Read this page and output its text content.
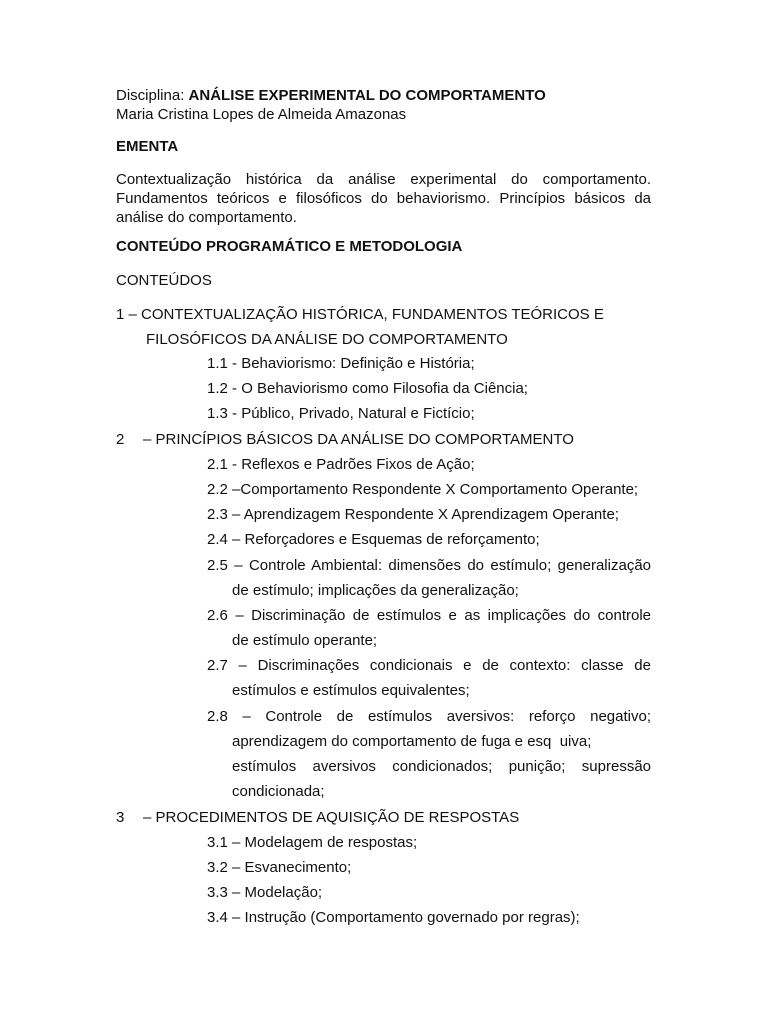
Disciplina: ANÁLISE EXPERIMENTAL DO COMPORTAMENTO
Maria Cristina Lopes de Almeida Amazonas
EMENTA
Contextualização histórica da análise experimental do comportamento. Fundamentos teóricos e filosóficos do behaviorismo. Princípios básicos da análise do comportamento.
CONTEÚDO PROGRAMÁTICO E METODOLOGIA
CONTEÚDOS
1 – CONTEXTUALIZAÇÃO HISTÓRICA, FUNDAMENTOS TEÓRICOS E
FILOSÓFICOS DA ANÁLISE DO COMPORTAMENTO
1.1 - Behaviorismo: Definição e História;
1.2 - O Behaviorismo como Filosofia da Ciência;
1.3 - Público, Privado, Natural e Fictício;
2 – PRINCÍPIOS BÁSICOS DA ANÁLISE DO COMPORTAMENTO
2.1 - Reflexos e Padrões Fixos de Ação;
2.2 –Comportamento Respondente X Comportamento Operante;
2.3 – Aprendizagem Respondente X Aprendizagem Operante;
2.4 – Reforçadores e Esquemas de reforçamento;
2.5 – Controle Ambiental: dimensões do estímulo; generalização
de estímulo; implicações da generalização;
2.6 – Discriminação de estímulos e as implicações do controle
de estímulo operante;
2.7 – Discriminações condicionais e de contexto: classe de
estímulos e estímulos equivalentes;
2.8 – Controle de estímulos aversivos: reforço negativo;
aprendizagem do comportamento de fuga e esq  uiva;
estímulos aversivos condicionados; punição; supressão
condicionada;
3 – PROCEDIMENTOS DE AQUISIÇÃO DE RESPOSTAS
3.1 – Modelagem de respostas;
3.2 – Esvanecimento;
3.3 – Modelação;
3.4 – Instrução (Comportamento governado por regras);
